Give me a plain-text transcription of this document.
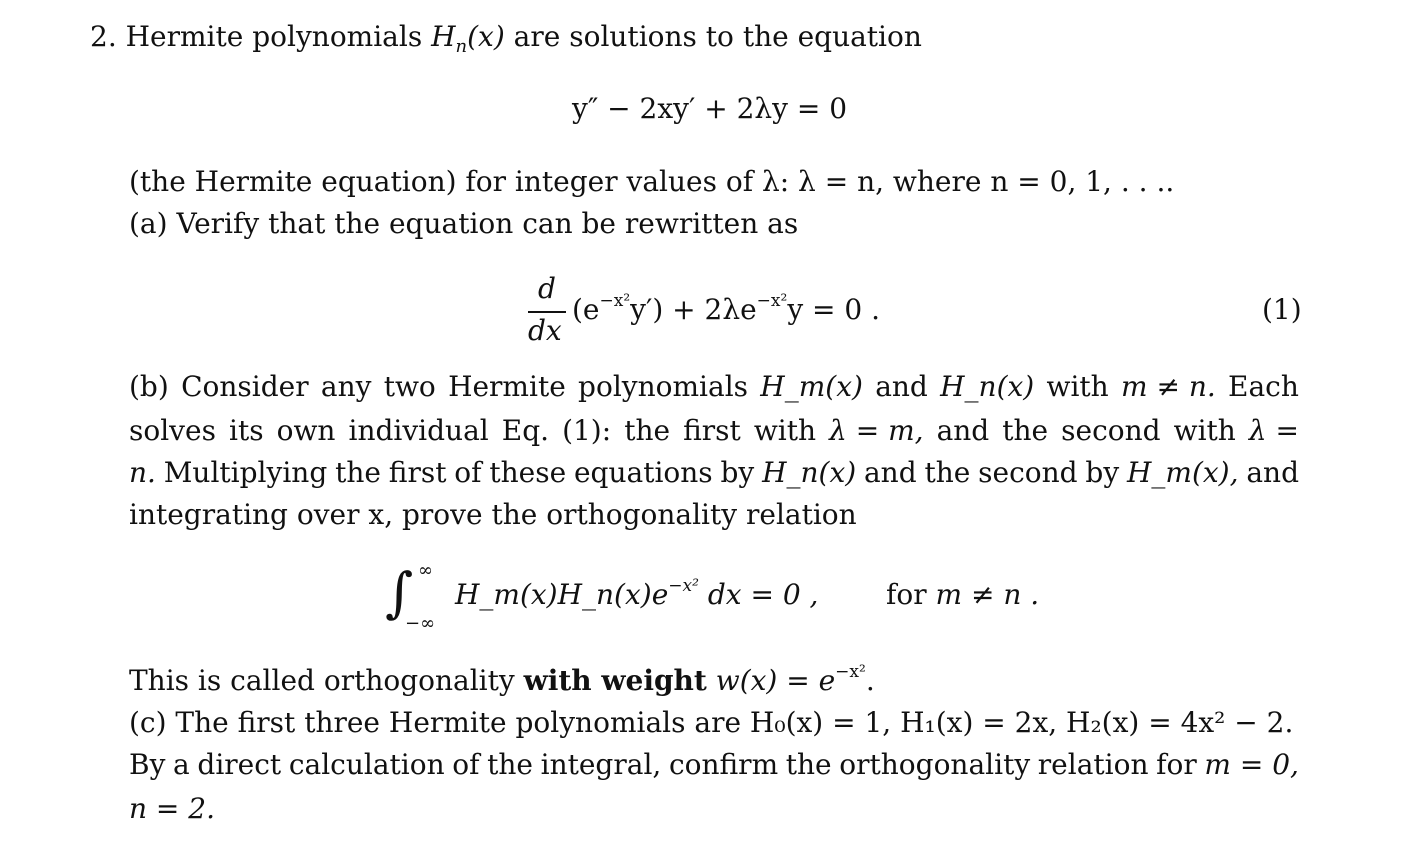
2. Hermite polynomials $H_n(x)$ are solutions to the equation
y″ − 2xy′ + 2λy = 0
(the Hermite equation) for integer values of λ: λ = n, where n = 0, 1, . . ..
(a) Verify that the equation can be rewritten as
d
dx
$(e^{-x^2}y') + 2\lambda e^{-x^2}y = 0$ .	(1)
(b) Consider any two Hermite polynomials H_m(x) and H_n(x) with m ≠ n. Each
solves its own individual Eq. (1): the first with λ = m, and the second with λ =
n. Multiplying the first of these equations by H_n(x) and the second by H_m(x), and
integrating over x, prove the orthogonality relation
∫ ∞
−∞
$H\_m(x)H\_n(x)e^{-x^2}$ dx = 0 , for m ≠ n .
This is called orthogonality with weight $w(x) = e^{-x^2}$.
(c) The first three Hermite polynomials are H₀(x) = 1, H₁(x) = 2x, H₂(x) = 4x² − 2.
By a direct calculation of the integral, confirm the orthogonality relation for m = 0,
n = 2.
